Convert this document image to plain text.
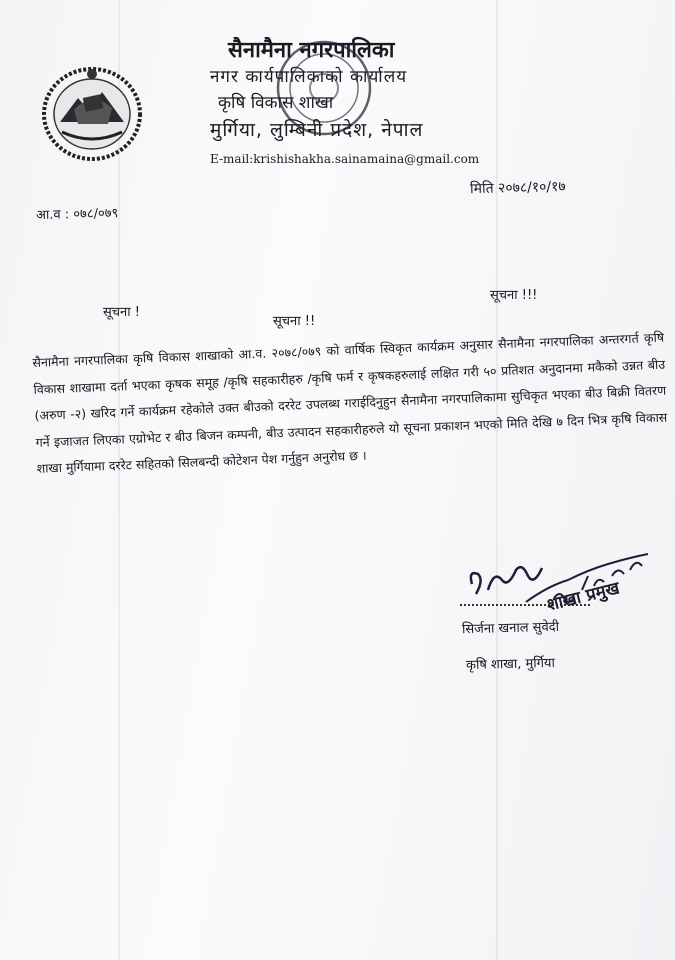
सैनामैना नगरपालिका
नगर कार्यपालिकाको कार्यालय
कृषि विकास शाखा
मुर्गिया, लुम्बिनी प्रदेश, नेपाल
E-mail:krishishakha.sainamaina@gmail.com
आ.व : ०७८/०७९
मिति २०७८/१०/१७
सूचना !
सूचना !!
सूचना !!!
सैनामैना नगरपालिका कृषि विकास शाखाको आ.व. २०७८/०७९ को वार्षिक स्विकृत कार्यक्रम अनुसार सैनामैना नगरपालिका अन्तरगर्त कृषि विकास शाखामा दर्ता भएका कृषक समूह /कृषि सहकारीहरु /कृषि फर्म र कृषकहरुलाई लक्षित गरी ५० प्रतिशत अनुदानमा मकैको उन्नत बीउ (अरुण -२) खरिद गर्ने कार्यक्रम रहेकोले उक्त बीउको दररेट उपलब्ध गराईदिनुहुन सैनामैना नगरपालिकामा सुचिकृत भएका बीउ बिक्री वितरण गर्ने इजाजत लिएका एग्रोभेट र बीउ बिजन कम्पनी, बीउ उत्पादन सहकारीहरुले यो सूचना प्रकाशन भएको मिति देखि ७ दिन भित्र कृषि विकास शाखा मुर्गियामा दररेट सहितको सिलबन्दी कोटेशन पेश गर्नुहुन अनुरोध छ ।
शाखा प्रमुख
सिर्जना खनाल सुवेदी
कृषि शाखा, मुर्गिया
